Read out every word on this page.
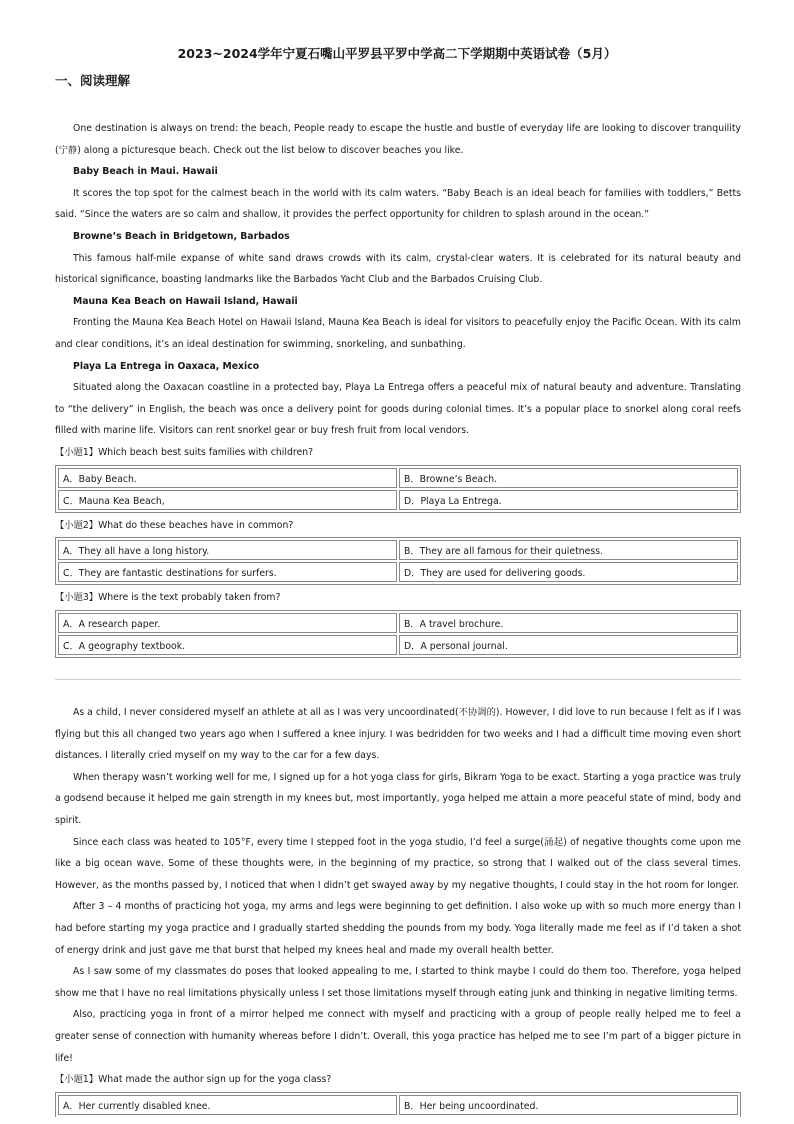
2023~2024学年宁夏石嘴山平罗县平罗中学高二下学期期中英语试卷（5月）
一、阅读理解

One destination is always on trend: the beach, People ready to escape the hustle and bustle of everyday life are looking to discover tranquility (宁静) along a picturesque beach. Check out the list below to discover beaches you like.

Baby Beach in Maui. Hawaii

It scores the top spot for the calmest beach in the world with its calm waters. “Baby Beach is an ideal beach for families with toddlers,” Betts said. “Since the waters are so calm and shallow, it provides the perfect opportunity for children to splash around in the ocean.”

Browne’s Beach in Bridgetown, Barbados

This famous half-mile expanse of white sand draws crowds with its calm, crystal-clear waters. It is celebrated for its natural beauty and historical significance, boasting landmarks like the Barbados Yacht Club and the Barbados Cruising Club.

Mauna Kea Beach on Hawaii Island, Hawaii

Fronting the Mauna Kea Beach Hotel on Hawaii Island, Mauna Kea Beach is ideal for visitors to peacefully enjoy the Pacific Ocean. With its calm and clear conditions, it’s an ideal destination for swimming, snorkeling, and sunbathing.

Playa La Entrega in Oaxaca, Mexico

Situated along the Oaxacan coastline in a protected bay, Playa La Entrega offers a peaceful mix of natural beauty and adventure. Translating to “the delivery” in English, the beach was once a delivery point for goods during colonial times. It’s a popular place to snorkel along coral reefs filled with marine life. Visitors can rent snorkel gear or buy fresh fruit from local vendors.

【小题1】Which beach best suits families with children?

A．Baby Beach.	B．Browne’s Beach.
C．Mauna Kea Beach,	D．Playa La Entrega.

【小题2】What do these beaches have in common?

A．They all have a long history.	B．They are all famous for their quietness.
C．They are fantastic destinations for surfers.	D．They are used for delivering goods.

【小题3】Where is the text probably taken from?

A．A research paper.	B．A travel brochure.
C．A geography textbook.	D．A personal journal.

As a child, I never considered myself an athlete at all as I was very uncoordinated(不协调的). However, I did love to run because I felt as if I was flying but this all changed two years ago when I suffered a knee injury. I was bedridden for two weeks and I had a difficult time moving even short distances. I literally cried myself on my way to the car for a few days.

When therapy wasn’t working well for me, I signed up for a hot yoga class for girls, Bikram Yoga to be exact. Starting a yoga practice was truly a godsend because it helped me gain strength in my knees but, most importantly, yoga helped me attain a more peaceful state of mind, body and spirit.

Since each class was heated to 105°F, every time I stepped foot in the yoga studio, I’d feel a surge(涌起) of negative thoughts come upon me like a big ocean wave. Some of these thoughts were, in the beginning of my practice, so strong that I walked out of the class several times. However, as the months passed by, I noticed that when I didn’t get swayed away by my negative thoughts, I could stay in the hot room for longer.

After 3 – 4 months of practicing hot yoga, my arms and legs were beginning to get definition. I also woke up with so much more energy than I had before starting my yoga practice and I gradually started shedding the pounds from my body. Yoga literally made me feel as if I’d taken a shot of energy drink and just gave me that burst that helped my knees heal and made my overall health better.

As I saw some of my classmates do poses that looked appealing to me, I started to think maybe I could do them too. Therefore, yoga helped show me that I have no real limitations physically unless I set those limitations myself through eating junk and thinking in negative limiting terms.

Also, practicing yoga in front of a mirror helped me connect with myself and practicing with a group of people really helped me to feel a greater sense of connection with humanity whereas before I didn’t. Overall, this yoga practice has helped me to see I’m part of a bigger picture in life!

【小题1】What made the author sign up for the yoga class?

A．Her currently disabled knee.	B．Her being uncoordinated.
